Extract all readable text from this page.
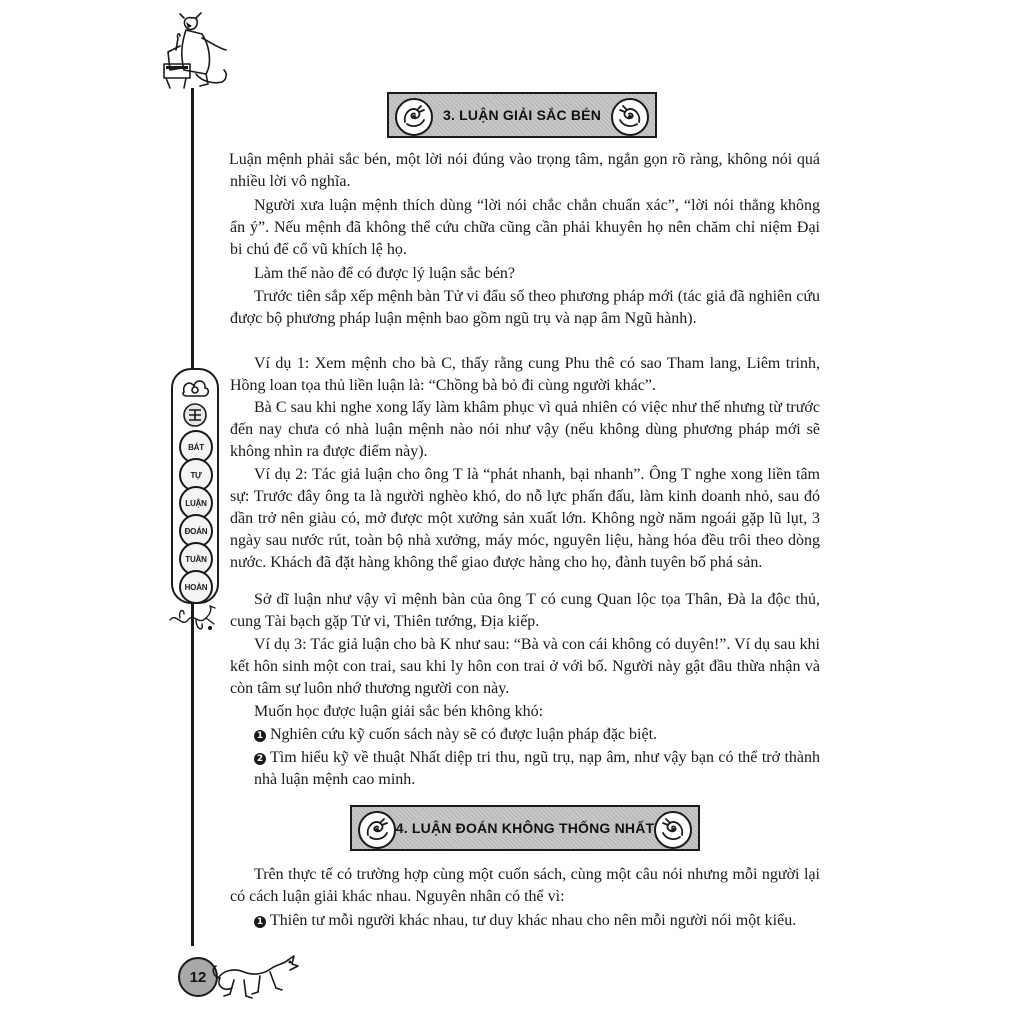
BÁT
TỰ
LUẬN
ĐOÁN
TUẦN
HOÀN
12
3. LUẬN GIẢI SẮC BÉN

Luận mệnh phải sắc bén, một lời nói đúng vào trọng tâm, ngắn gọn rõ ràng, không nói quá nhiều lời vô nghĩa.

Người xưa luận mệnh thích dùng “lời nói chắc chắn chuẩn xác”, “lời nói thẳng không ẩn ý”. Nếu mệnh đã không thể cứu chữa cũng cần phải khuyên họ nên chăm chỉ niệm Đại bi chú để cổ vũ khích lệ họ.

Làm thế nào để có được lý luận sắc bén?

Trước tiên sắp xếp mệnh bàn Tử vi đẩu số theo phương pháp mới (tác giả đã nghiên cứu được bộ phương pháp luận mệnh bao gồm ngũ trụ và nạp âm Ngũ hành).

Ví dụ 1: Xem mệnh cho bà C, thấy rằng cung Phu thê có sao Tham lang, Liêm trinh, Hồng loan tọa thủ liền luận là: “Chồng bà bỏ đi cùng người khác”.

Bà C sau khi nghe xong lấy làm khâm phục vì quả nhiên có việc như thế nhưng từ trước đến nay chưa có nhà luận mệnh nào nói như vậy (nếu không dùng phương pháp mới sẽ không nhìn ra được điểm này).

Ví dụ 2: Tác giả luận cho ông T là “phát nhanh, bại nhanh”. Ông T nghe xong liền tâm sự: Trước đây ông ta là người nghèo khó, do nỗ lực phấn đấu, làm kinh doanh nhỏ, sau đó dần trở nên giàu có, mở được một xưởng sản xuất lớn. Không ngờ năm ngoái gặp lũ lụt, 3 ngày sau nước rút, toàn bộ nhà xưởng, máy móc, nguyên liệu, hàng hóa đều trôi theo dòng nước. Khách đã đặt hàng không thể giao được hàng cho họ, đành tuyên bố phá sản.

Sở dĩ luận như vậy vì mệnh bàn của ông T có cung Quan lộc tọa Thân, Đà la độc thủ, cung Tài bạch gặp Tử vi, Thiên tướng, Địa kiếp.

Ví dụ 3: Tác giả luận cho bà K như sau: “Bà và con cái không có duyên!”. Ví dụ sau khi kết hôn sinh một con trai, sau khi ly hôn con trai ở với bố. Người này gật đầu thừa nhận và còn tâm sự luôn nhớ thương người con này.

Muốn học được luận giải sắc bén không khó:

1 Nghiên cứu kỹ cuốn sách này sẽ có được luận pháp đặc biệt.

2 Tìm hiểu kỹ về thuật Nhất diệp tri thu, ngũ trụ, nạp âm, như vậy bạn có thể trở thành nhà luận mệnh cao minh.

4. LUẬN ĐOÁN KHÔNG THỐNG NHẤT

Trên thực tế có trường hợp cùng một cuốn sách, cùng một câu nói nhưng mỗi người lại có cách luận giải khác nhau. Nguyên nhân có thể vì:

1 Thiên tư mỗi người khác nhau, tư duy khác nhau cho nên mỗi người nói một kiểu.
